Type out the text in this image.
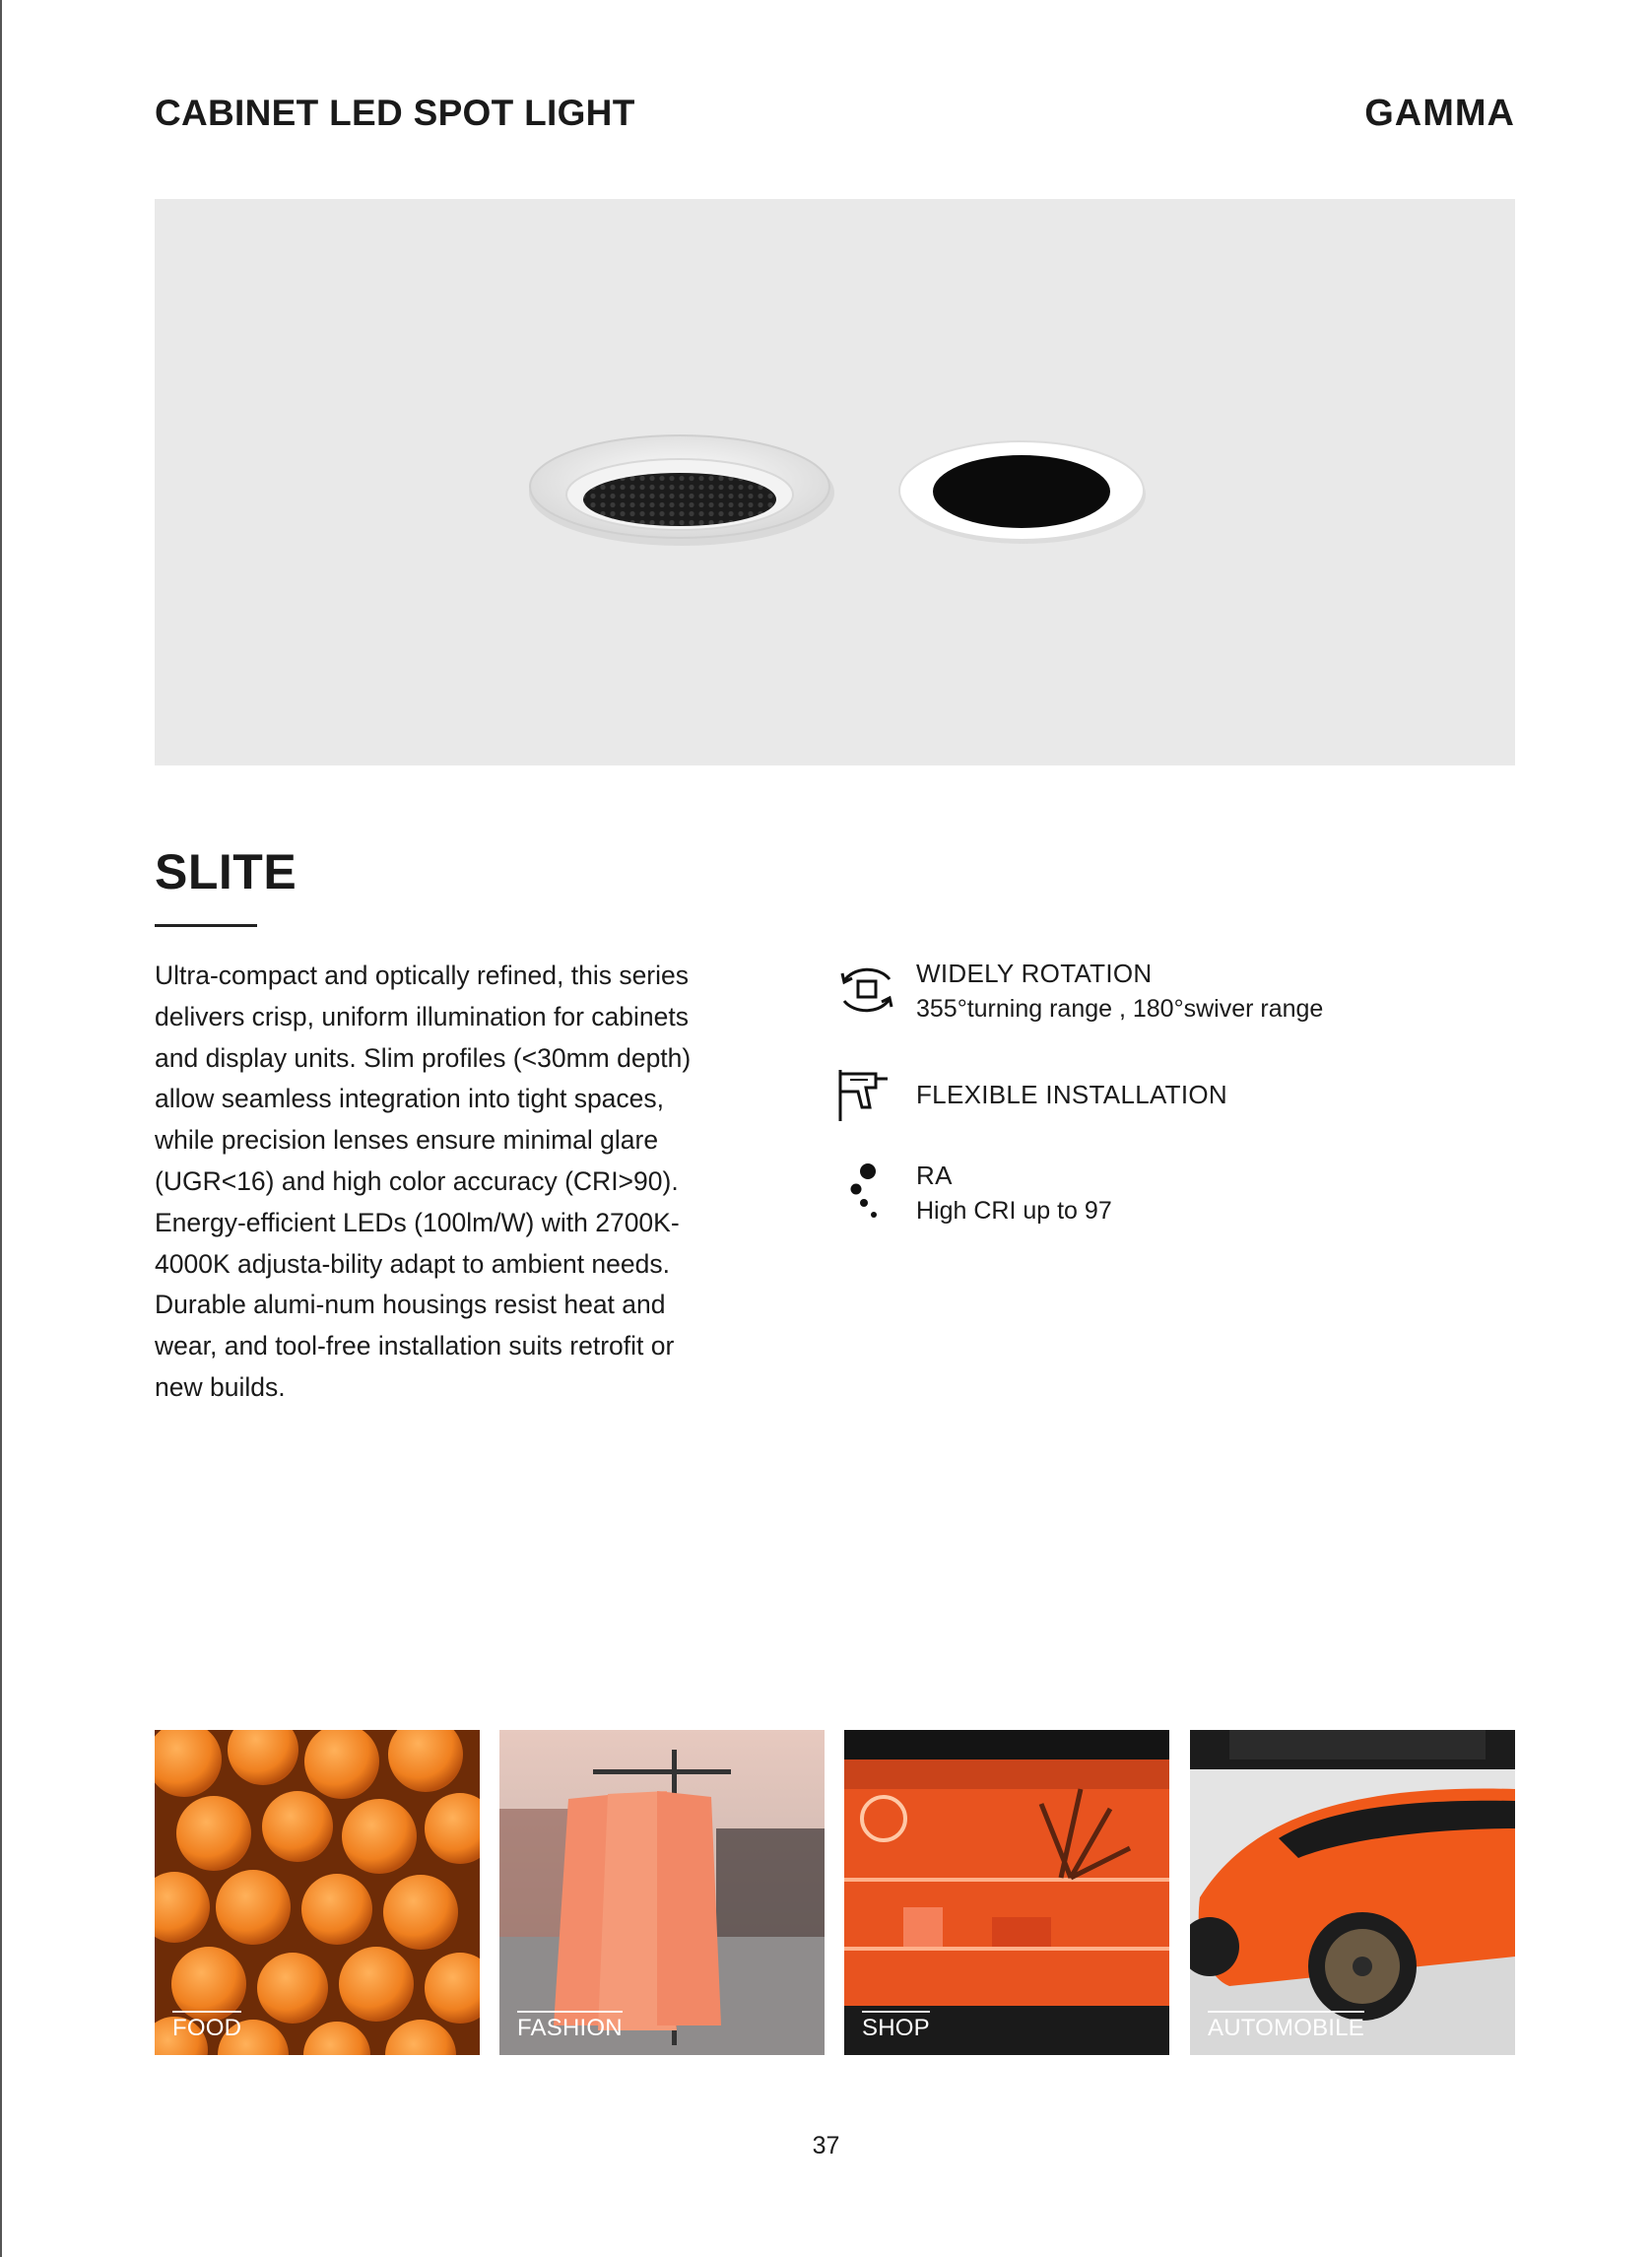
CABINET LED SPOT LIGHT	GAMMA
SLITE
Ultra-compact and optically refined, this series delivers crisp, uniform illumination for cabinets and display units. Slim profiles (<30mm depth) allow seamless integration into tight spaces, while precision lenses ensure minimal glare (UGR<16) and high color accuracy (CRI>90). Energy-efficient LEDs (100lm/W) with 2700K-4000K adjusta-bility adapt to ambient needs. Durable alumi-num housings resist heat and wear, and tool-free installation suits retrofit or new builds.
WIDELY ROTATION
355°turning range , 180°swiver range
FLEXIBLE INSTALLATION
RA
High CRI up to 97
FOOD	FASHION	SHOP	AUTOMOBILE
37
